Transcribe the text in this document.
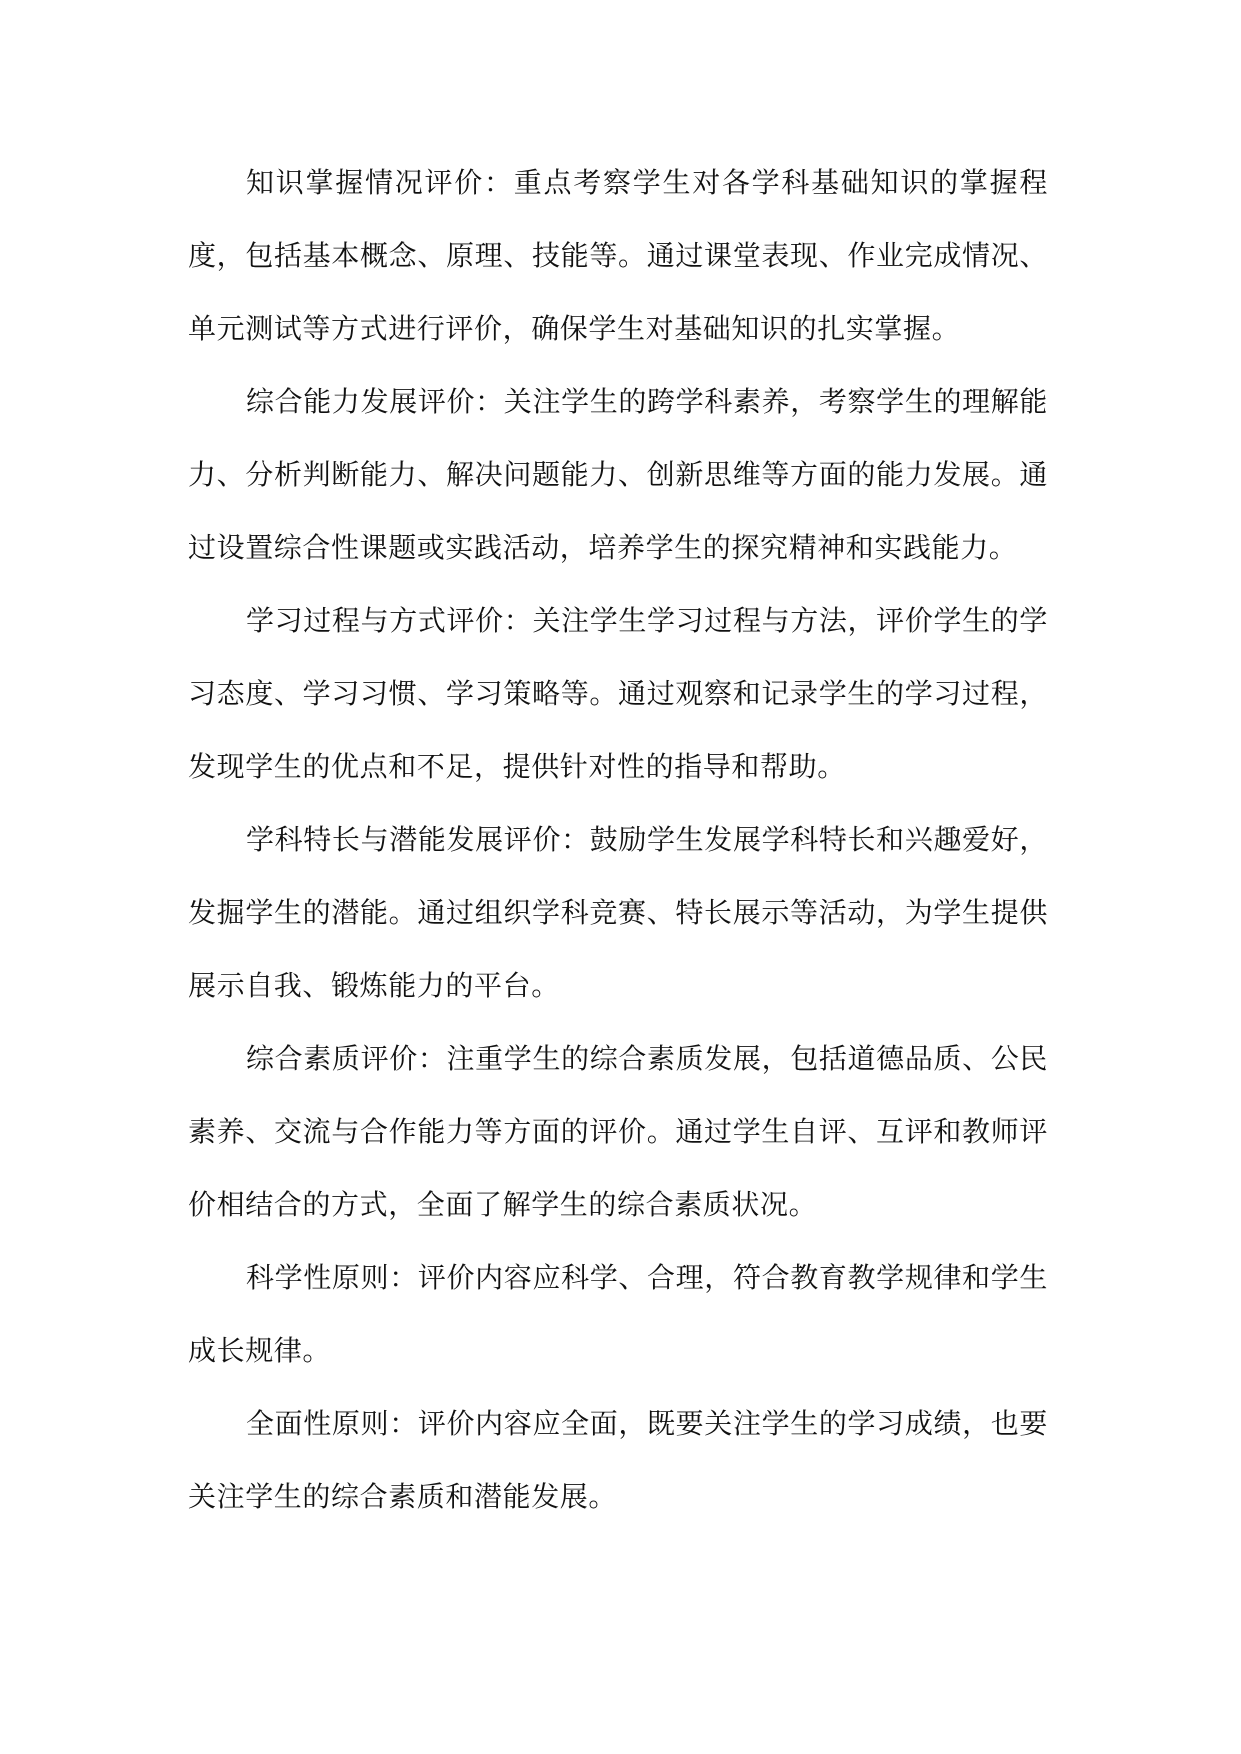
知识掌握情况评价：重点考察学生对各学科基础知识的掌握程度，包括基本概念、原理、技能等。通过课堂表现、作业完成情况、单元测试等方式进行评价，确保学生对基础知识的扎实掌握。

综合能力发展评价：关注学生的跨学科素养，考察学生的理解能力、分析判断能力、解决问题能力、创新思维等方面的能力发展。通过设置综合性课题或实践活动，培养学生的探究精神和实践能力。

学习过程与方式评价：关注学生学习过程与方法，评价学生的学习态度、学习习惯、学习策略等。通过观察和记录学生的学习过程，发现学生的优点和不足，提供针对性的指导和帮助。

学科特长与潜能发展评价：鼓励学生发展学科特长和兴趣爱好，发掘学生的潜能。通过组织学科竞赛、特长展示等活动，为学生提供展示自我、锻炼能力的平台。

综合素质评价：注重学生的综合素质发展，包括道德品质、公民素养、交流与合作能力等方面的评价。通过学生自评、互评和教师评价相结合的方式，全面了解学生的综合素质状况。

科学性原则：评价内容应科学、合理，符合教育教学规律和学生成长规律。

全面性原则：评价内容应全面，既要关注学生的学习成绩，也要关注学生的综合素质和潜能发展。
